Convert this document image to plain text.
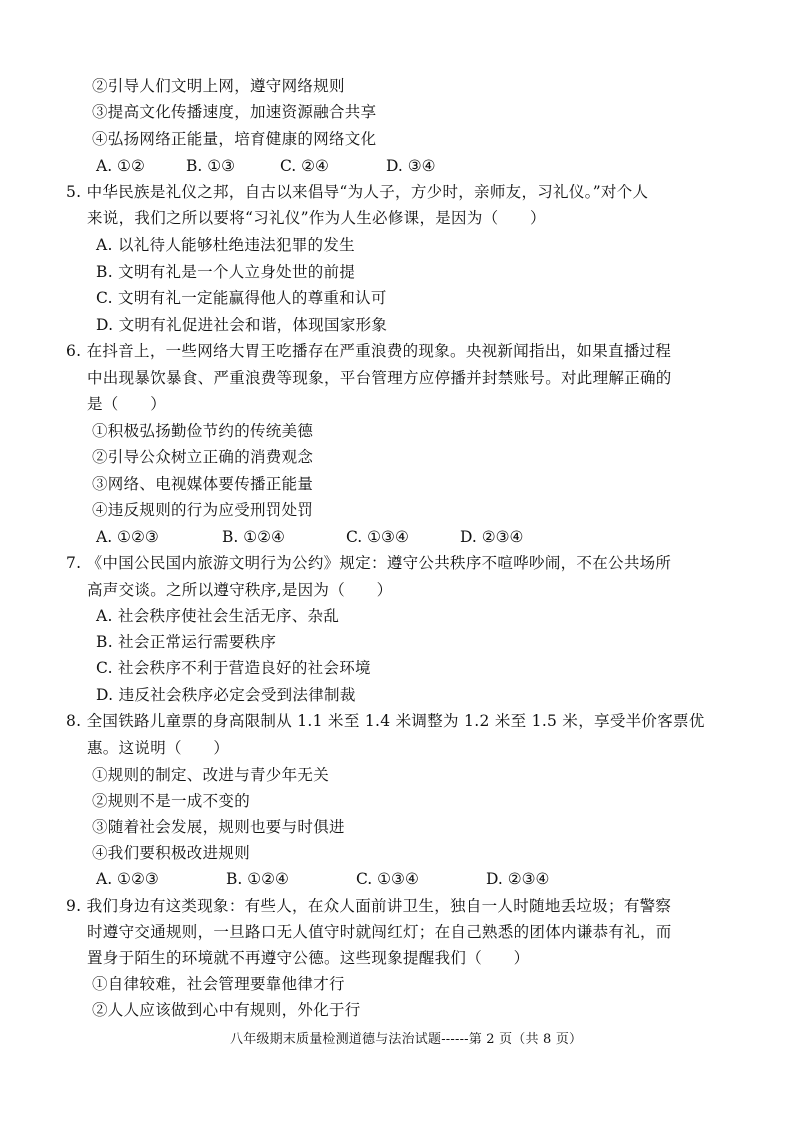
②引导人们文明上网，遵守网络规则
③提高文化传播速度，加速资源融合共享
④弘扬网络正能量，培育健康的网络文化
A. ①②	B. ①③	C. ②④	D. ③④
5. 中华民族是礼仪之邦，自古以来倡导“为人子，方少时，亲师友，习礼仪。”对个人
来说，我们之所以要将“习礼仪”作为人生必修课，是因为（　　）
A. 以礼待人能够杜绝违法犯罪的发生
B. 文明有礼是一个人立身处世的前提
C. 文明有礼一定能赢得他人的尊重和认可
D. 文明有礼促进社会和谐，体现国家形象
6. 在抖音上，一些网络大胃王吃播存在严重浪费的现象。央视新闻指出，如果直播过程
中出现暴饮暴食、严重浪费等现象，平台管理方应停播并封禁账号。对此理解正确的
是（　　）
①积极弘扬勤俭节约的传统美德
②引导公众树立正确的消费观念
③网络、电视媒体要传播正能量
④违反规则的行为应受刑罚处罚
A. ①②③	B. ①②④	C. ①③④	D. ②③④
7. 《中国公民国内旅游文明行为公约》规定：遵守公共秩序不喧哗吵闹，不在公共场所
高声交谈。之所以遵守秩序,是因为（　　）
A. 社会秩序使社会生活无序、杂乱
B. 社会正常运行需要秩序
C. 社会秩序不利于营造良好的社会环境
D. 违反社会秩序必定会受到法律制裁
8. 全国铁路儿童票的身高限制从 1.1 米至 1.4 米调整为 1.2 米至 1.5 米，享受半价客票优
惠。这说明（　　）
①规则的制定、改进与青少年无关
②规则不是一成不变的
③随着社会发展，规则也要与时俱进
④我们要积极改进规则
A. ①②③	B. ①②④	C. ①③④	D. ②③④
9. 我们身边有这类现象：有些人，在众人面前讲卫生，独自一人时随地丢垃圾；有警察
时遵守交通规则，一旦路口无人值守时就闯红灯；在自己熟悉的团体内谦恭有礼，而
置身于陌生的环境就不再遵守公德。这些现象提醒我们（　　）
①自律较难，社会管理要靠他律才行
②人人应该做到心中有规则，外化于行
八年级期末质量检测道德与法治试题------第 2 页（共 8 页）
